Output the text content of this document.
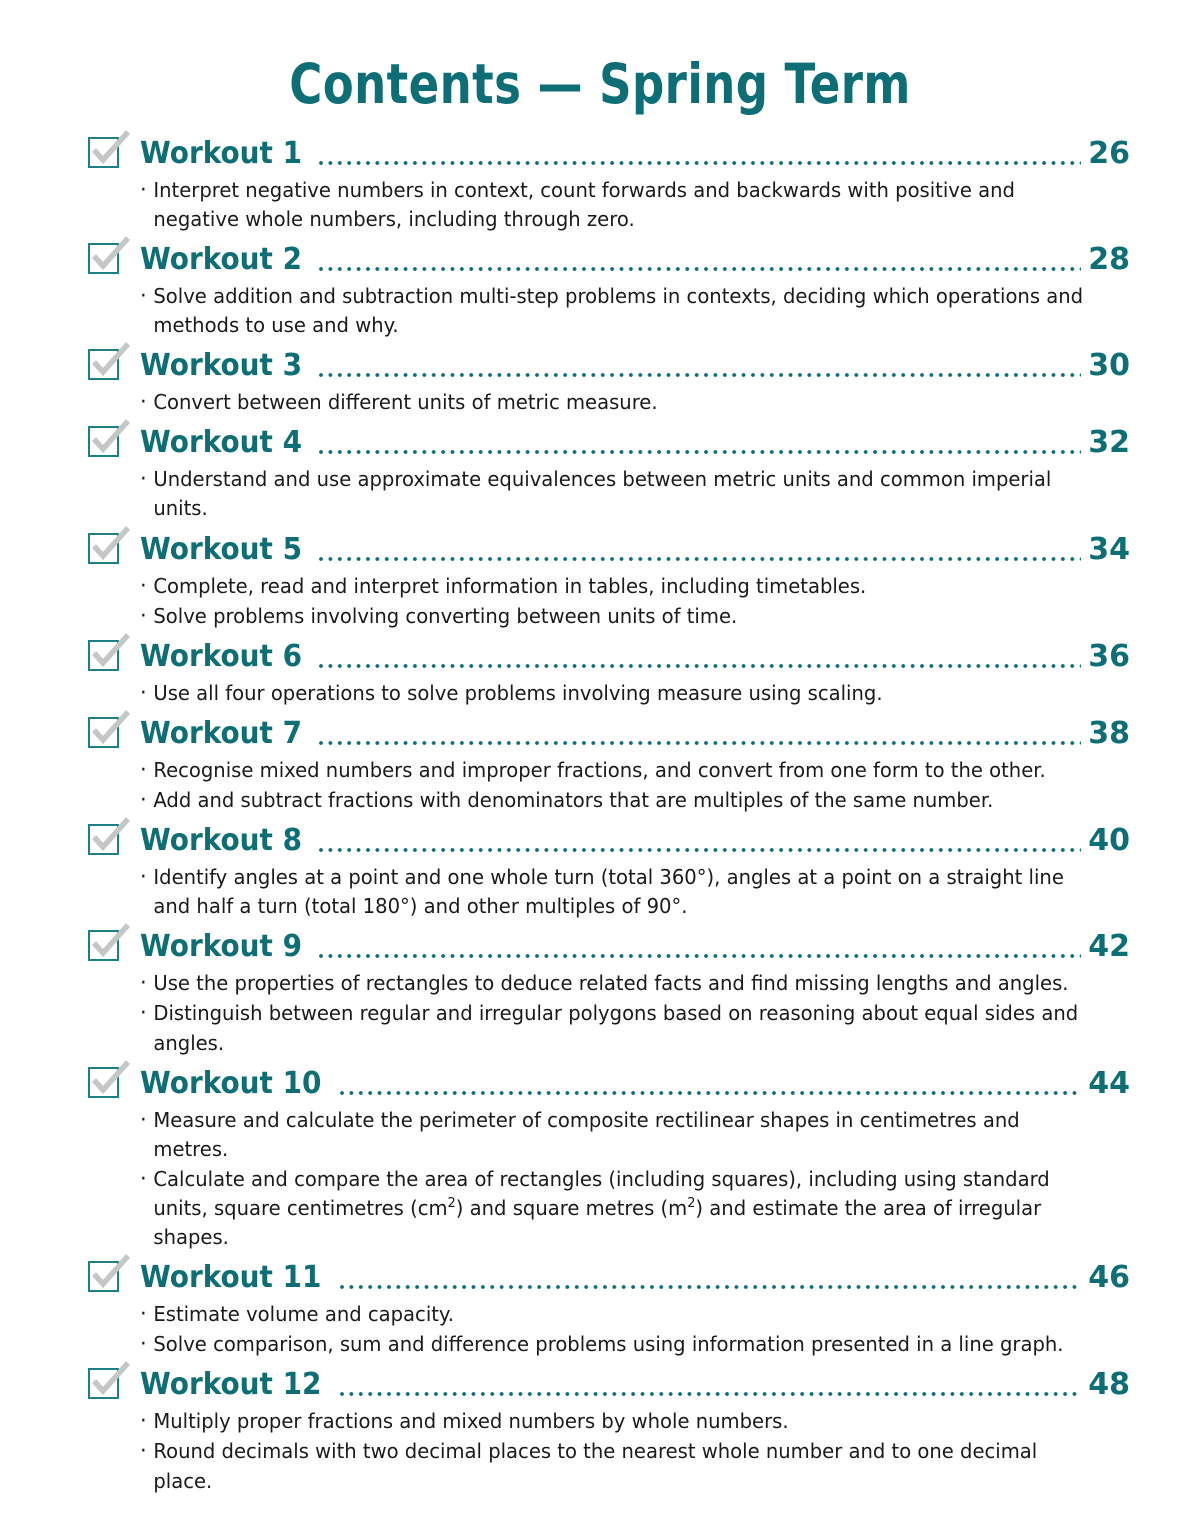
Contents — Spring Term
Workout 1	26
· Interpret negative numbers in context, count forwards and backwards with positive and negative whole numbers, including through zero.
Workout 2	28
· Solve addition and subtraction multi-step problems in contexts, deciding which operations and methods to use and why.
Workout 3	30
· Convert between different units of metric measure.
Workout 4	32
· Understand and use approximate equivalences between metric units and common imperial units.
Workout 5	34
· Complete, read and interpret information in tables, including timetables.
· Solve problems involving converting between units of time.
Workout 6	36
· Use all four operations to solve problems involving measure using scaling.
Workout 7	38
· Recognise mixed numbers and improper fractions, and convert from one form to the other.
· Add and subtract fractions with denominators that are multiples of the same number.
Workout 8	40
· Identify angles at a point and one whole turn (total 360°), angles at a point on a straight line and half a turn (total 180°) and other multiples of 90°.
Workout 9	42
· Use the properties of rectangles to deduce related facts and find missing lengths and angles.
· Distinguish between regular and irregular polygons based on reasoning about equal sides and angles.
Workout 10	44
· Measure and calculate the perimeter of composite rectilinear shapes in centimetres and metres.
· Calculate and compare the area of rectangles (including squares), including using standard units, square centimetres $(cm^2)$ and square metres $(m^2)$ and estimate the area of irregular shapes.
Workout 11	46
· Estimate volume and capacity.
· Solve comparison, sum and difference problems using information presented in a line graph.
Workout 12	48
· Multiply proper fractions and mixed numbers by whole numbers.
· Round decimals with two decimal places to the nearest whole number and to one decimal place.
